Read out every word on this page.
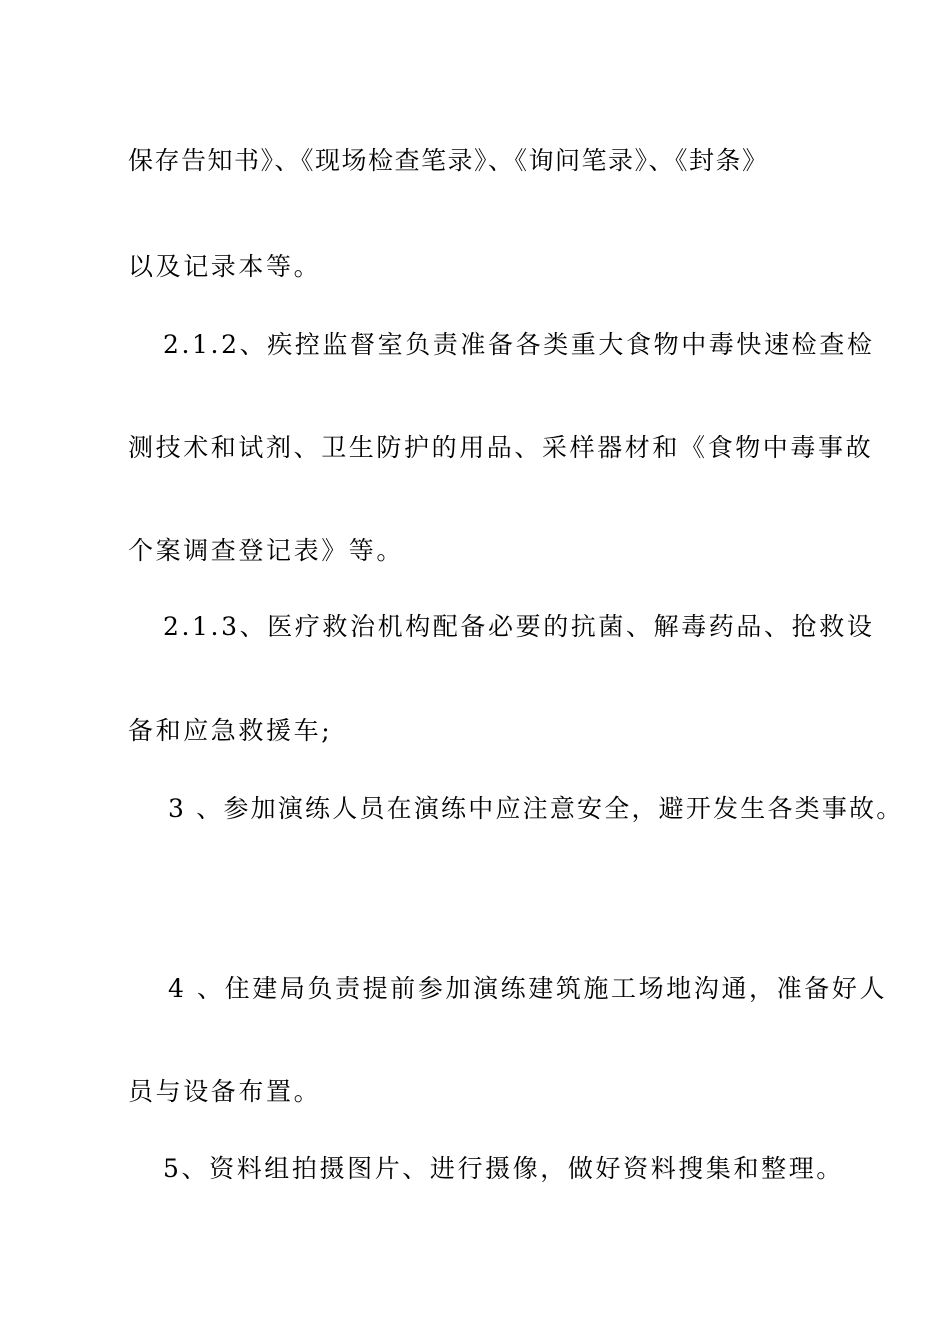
保存告知书》、《现场检查笔录》、《询问笔录》、《封条》
以及记录本等。
2.1.2、疾控监督室负责准备各类重大食物中毒快速检查检
测技术和试剂、卫生防护的用品、采样器材和《食物中毒事故
个案调查登记表》等。
2.1.3、医疗救治机构配备必要的抗菌、解毒药品、抢救设
备和应急救援车;
3 、参加演练人员在演练中应注意安全，避开发生各类事故。
4 、住建局负责提前参加演练建筑施工场地沟通，准备好人
员与设备布置。
5、资料组拍摄图片、进行摄像，做好资料搜集和整理。
